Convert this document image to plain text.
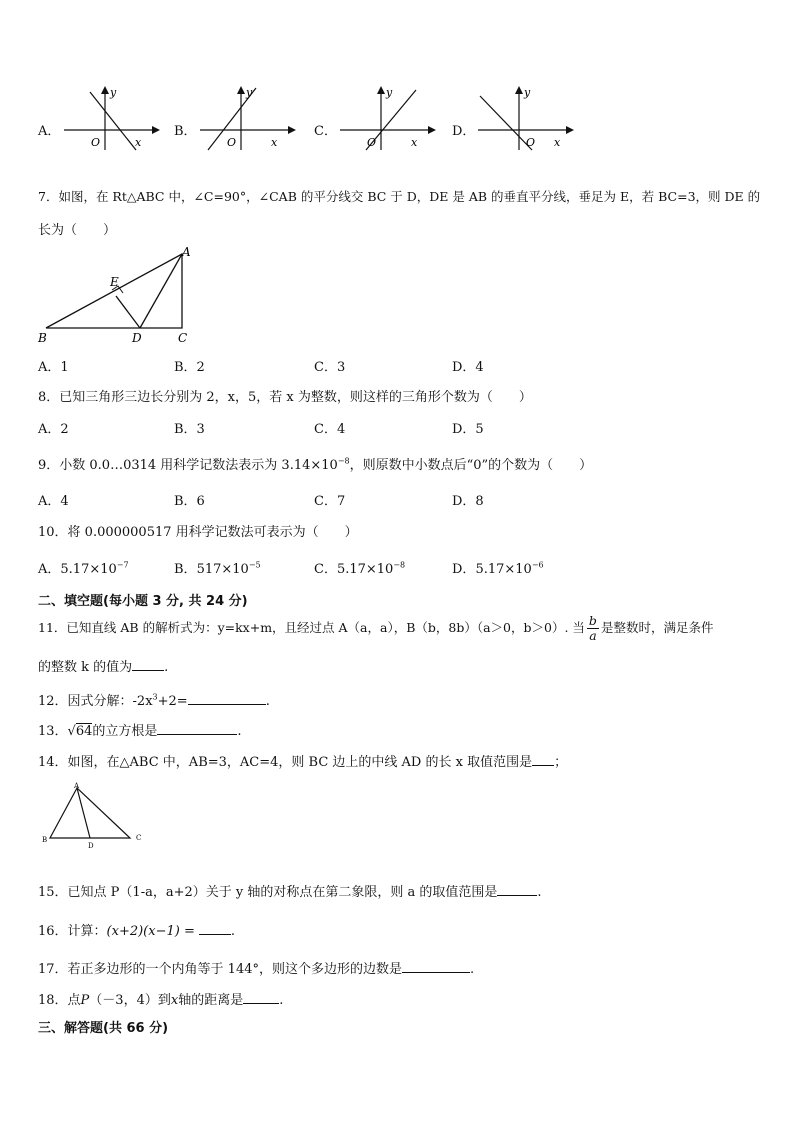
A．
y
O	x
B．
y
O	x
C．
y
O	x
D．
y
O x
7．如图，在 Rt△ABC 中，∠C=90°，∠CAB 的平分线交 BC 于 D，DE 是 AB 的垂直平分线，垂足为 E，若 BC=3，则 DE 的
长为（　　）
A
B	C
D
E
A．1	B．2	C．3	D．4
8．已知三角形三边长分别为 2，x，5，若 x 为整数，则这样的三角形个数为（　　）
A．2	B．3	C．4	D．5
9．小数 0.0…0314 用科学记数法表示为 $3.14\times 10^{-8}$，则原数中小数点后“0”的个数为（　　）
A．4	B．6	C．7	D．8
10．将 0.000000517 用科学记数法可表示为（　　）
A．$5.17\times 10^{-7}$	B．$517\times 10^{-5}$	C．$5.17\times 10^{-8}$	D．$5.17\times 10^{-6}$
二、填空题(每小题 3 分, 共 24 分)
11．已知直线 AB 的解析式为：y=kx+m，且经过点 A（a，a），B（b，8b）（a＞0，b＞0）. 当 $\frac{b}{a}$ 是整数时，满足条件
的整数 k 的值为 .
12．因式分解：$-2x^3+2=$	.
13．√64的立方根是	.
14．如图，在△ABC 中，AB=3，AC=4，则 BC 边上的中线 AD 的长 x 取值范围是 ；
A
B	C
D
15．已知点 P（1-a，a+2）关于 y 轴的对称点在第二象限，则 a 的取值范围是	.
16．计算：(x+2)(x−1) =	.
17．若正多边形的一个内角等于 144°，则这个多边形的边数是	.
18．点P（－3，4）到x轴的距离是	.
三、解答题(共 66 分)
